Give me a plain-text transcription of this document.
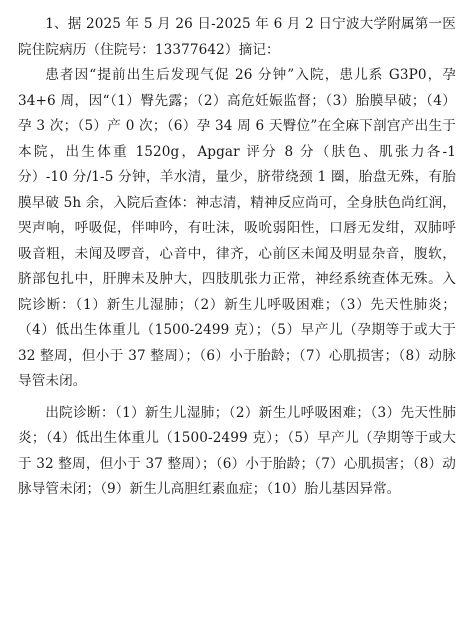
1、据 2025 年 5 月 26 日-2025 年 6 月 2 日宁波大学附属第一医院住院病历（住院号：13377642）摘记：

患者因“提前出生后发现气促 26 分钟”入院，患儿系 G3P0，孕 34+6 周，因“（1）臀先露；（2）高危妊娠监督；（3）胎膜早破；（4）孕 3 次；（5）产 0 次；（6）孕 34 周 6 天臀位”在全麻下剖宫产出生于本院，出生体重 1520g，Apgar 评分 8 分（肤色、肌张力各-1 分）-10 分/1-5 分钟，羊水清，量少，脐带绕颈 1 圈，胎盘无殊，有胎膜早破 5h 余，入院后查体：神志清，精神反应尚可，全身肤色尚红润，哭声响，呼吸促，伴呻吟，有吐沫，吸吮弱阳性，口唇无发绀，双肺呼吸音粗，未闻及啰音，心音中，律齐，心前区未闻及明显杂音，腹软，脐部包扎中，肝脾未及肿大，四肢肌张力正常，神经系统查体无殊。入院诊断：（1）新生儿湿肺；（2）新生儿呼吸困难；（3）先天性肺炎；（4）低出生体重儿（1500-2499 克）；（5）早产儿（孕期等于或大于 32 整周，但小于 37 整周）；（6）小于胎龄；（7）心肌损害；（8）动脉导管未闭。

出院诊断：（1）新生儿湿肺；（2）新生儿呼吸困难；（3）先天性肺炎；（4）低出生体重儿（1500-2499 克）；（5）早产儿（孕期等于或大于 32 整周，但小于 37 整周）；（6）小于胎龄；（7）心肌损害；（8）动脉导管未闭；（9）新生儿高胆红素血症；（10）胎儿基因异常。
